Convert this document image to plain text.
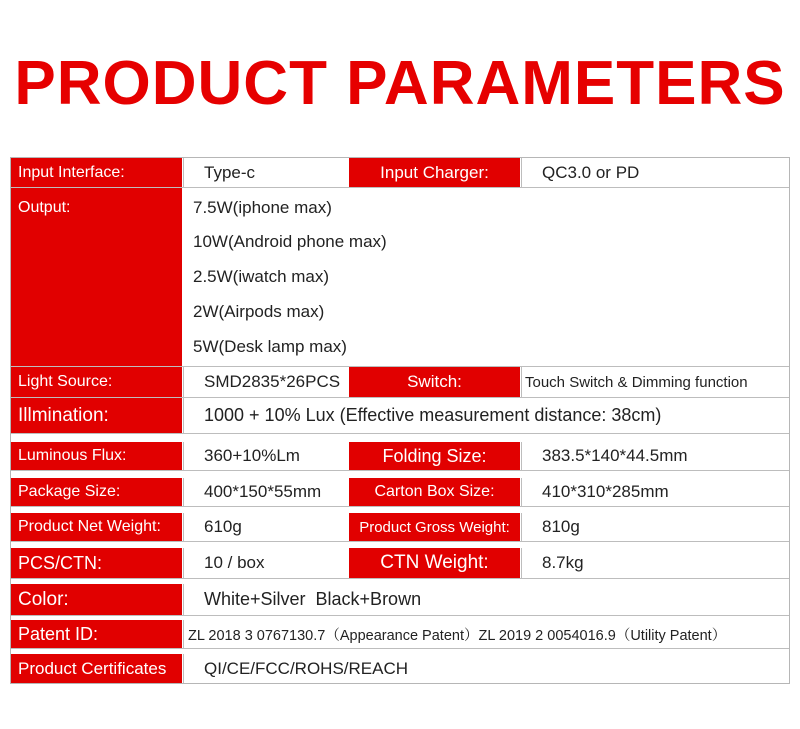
PRODUCT PARAMETERS
Input Interface:	Type-c	Input Charger:	QC3.0 or PD
Output:	7.5W(iphone max)
10W(Android phone max)
2.5W(iwatch max)
2W(Airpods max)
5W(Desk lamp max)
Light Source:	SMD2835*26PCS	Switch:	Touch Switch & Dimming function
Illmination:	1000 + 10% Lux (Effective measurement distance: 38cm)
Luminous Flux:	360+10%Lm	Folding Size:	383.5*140*44.5mm
Package Size:	400*150*55mm	Carton Box Size:	410*310*285mm
Product Net Weight:	610g	Product Gross Weight:	810g
PCS/CTN:	10 / box	CTN Weight:	8.7kg
Color:	White+Silver  Black+Brown
Patent ID:	ZL 2018 3 0767130.7（Appearance Patent）ZL 2019 2 0054016.9（Utility Patent）
Product Certificates	QI/CE/FCC/ROHS/REACH
